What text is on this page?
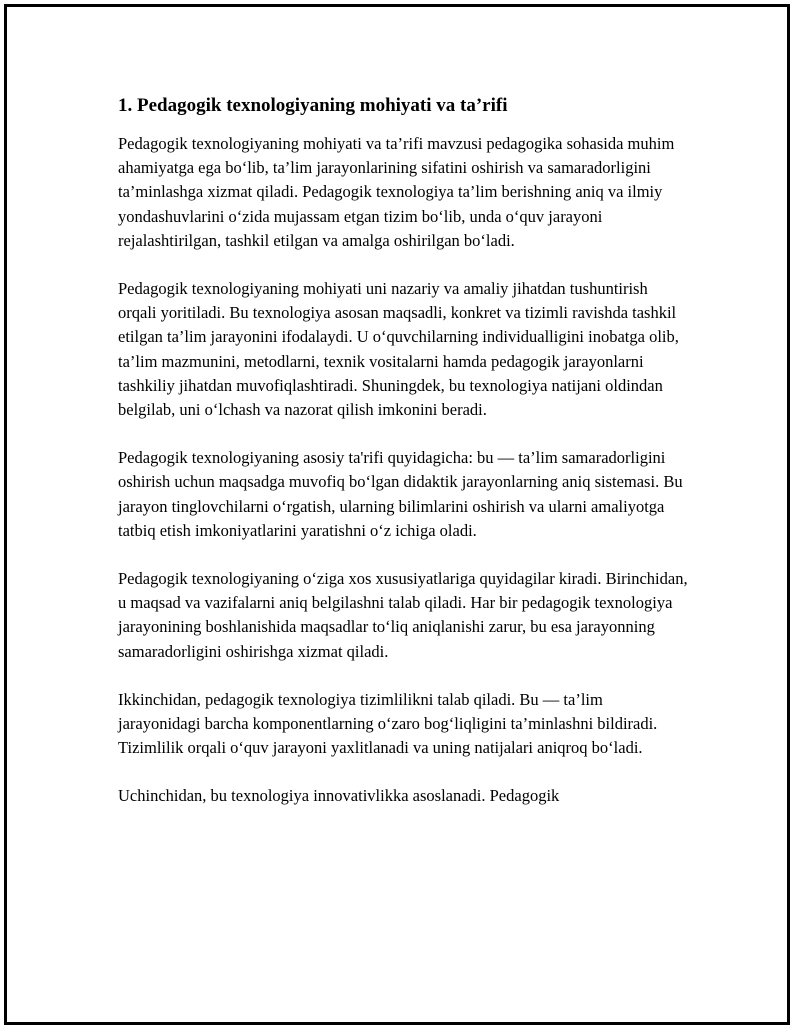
1. Pedagogik texnologiyaning mohiyati va ta’rifi

Pedagogik texnologiyaning mohiyati va ta’rifi mavzusi pedagogika sohasida muhim ahamiyatga ega bo‘lib, ta’lim jarayonlarining sifatini oshirish va samaradorligini ta’minlashga xizmat qiladi. Pedagogik texnologiya ta’lim berishning aniq va ilmiy yondashuvlarini o‘zida mujassam etgan tizim bo‘lib, unda o‘quv jarayoni rejalashtirilgan, tashkil etilgan va amalga oshirilgan bo‘ladi.

Pedagogik texnologiyaning mohiyati uni nazariy va amaliy jihatdan tushuntirish orqali yoritiladi. Bu texnologiya asosan maqsadli, konkret va tizimli ravishda tashkil etilgan ta’lim jarayonini ifodalaydi. U o‘quvchilarning individualligini inobatga olib, ta’lim mazmunini, metodlarni, texnik vositalarni hamda pedagogik jarayonlarni tashkiliy jihatdan muvofiqlashtiradi. Shuningdek, bu texnologiya natijani oldindan belgilab, uni o‘lchash va nazorat qilish imkonini beradi.

Pedagogik texnologiyaning asosiy ta'rifi quyidagicha: bu — ta’lim samaradorligini oshirish uchun maqsadga muvofiq bo‘lgan didaktik jarayonlarning aniq sistemasi. Bu jarayon tinglovchilarni o‘rgatish, ularning bilimlarini oshirish va ularni amaliyotga tatbiq etish imkoniyatlarini yaratishni o‘z ichiga oladi.

Pedagogik texnologiyaning o‘ziga xos xususiyatlariga quyidagilar kiradi. Birinchidan, u maqsad va vazifalarni aniq belgilashni talab qiladi. Har bir pedagogik texnologiya jarayonining boshlanishida maqsadlar to‘liq aniqlanishi zarur, bu esa jarayonning samaradorligini oshirishga xizmat qiladi.

Ikkinchidan, pedagogik texnologiya tizimlilikni talab qiladi. Bu — ta’lim jarayonidagi barcha komponentlarning o‘zaro bog‘liqligini ta’minlashni bildiradi. Tizimlilik orqali o‘quv jarayoni yaxlitlanadi va uning natijalari aniqroq bo‘ladi.

Uchinchidan, bu texnologiya innovativlikka asoslanadi. Pedagogik
